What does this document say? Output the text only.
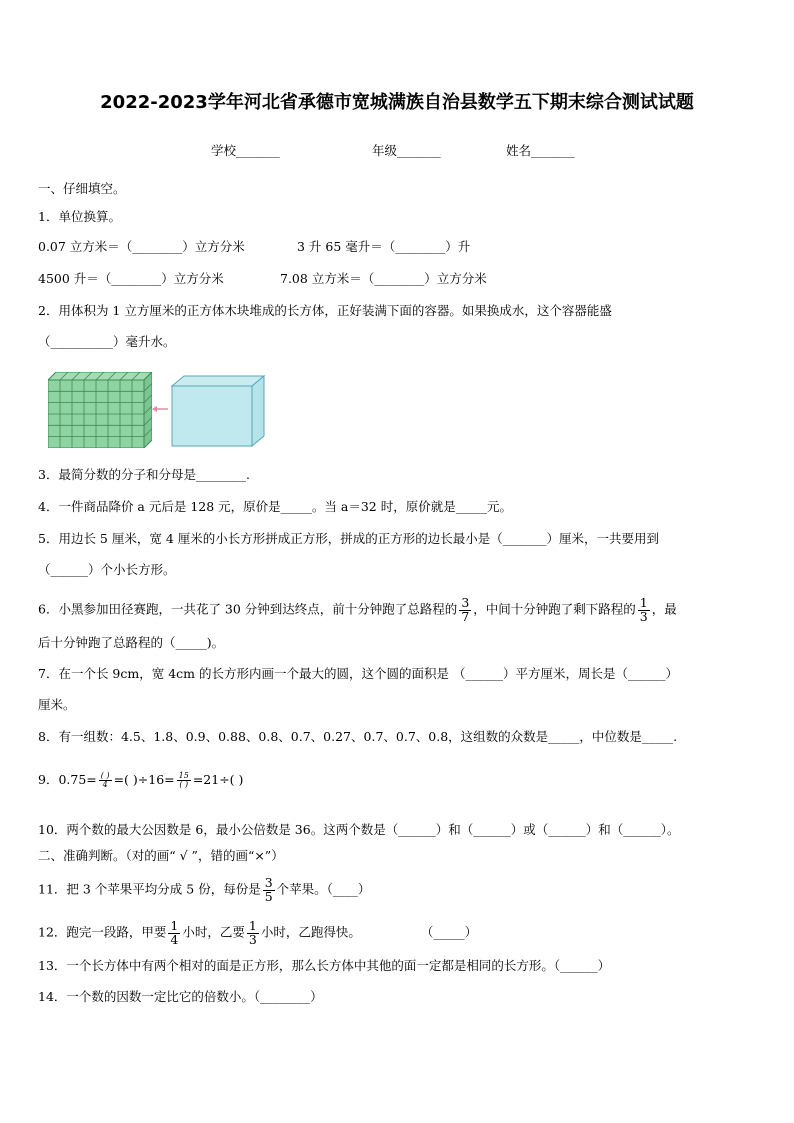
2022-2023学年河北省承德市宽城满族自治县数学五下期末综合测试试题
学校_______	年级_______	姓名_______
一、仔细填空。
1．单位换算。
0.07 立方米＝（________）立方分米	3 升 65 毫升＝（________）升
4500 升＝（________）立方分米	7.08 立方米＝（________）立方分米
2．用体积为 1 立方厘米的正方体木块堆成的长方体，正好装满下面的容器。如果换成水，这个容器能盛
（__________）毫升水。
3．最简分数的分子和分母是________.
4．一件商品降价 a 元后是 128 元，原价是_____。当 a＝32 时，原价就是_____元。
5．用边长 5 厘米，宽 4 厘米的小长方形拼成正方形，拼成的正方形的边长最小是（_______）厘米，一共要用到
（______）个小长方形。
6．小黑参加田径赛跑，一共花了 30 分钟到达终点，前十分钟跑了总路程的 $\frac{3}{7}$ ，中间十分钟跑了剩下路程的 $\frac{1}{3}$ ，最
后十分钟跑了总路程的（_____)。
7．在一个长 9cm，宽 4cm 的长方形内画一个最大的圆，这个圆的面积是 （______）平方厘米，周长是（______）
厘米。
8．有一组数：4.5、1.8、0.9、0.88、0.8、0.7、0.27、0.7、0.7、0.8，这组数的众数是_____，中位数是_____.
9．$0.75= \frac{( )}{4}$ =( )$\div 16= \frac{15}{( )} =21\div$( )
10．两个数的最大公因数是 6，最小公倍数是 36。这两个数是（______）和（______）或（______）和（______）。
二、准确判断。（对的画“ √ ”，错的画“×”）
11．把 3 个苹果平均分成 5 份，每份是 $\frac{3}{5}$ 个苹果。（____）
12．跑完一段路，甲要 $\frac{1}{4}$ 小时，乙要 $\frac{1}{3}$ 小时，乙跑得快。	（_____）
13．一个长方体中有两个相对的面是正方形，那么长方体中其他的面一定都是相同的长方形。（______）
14．一个数的因数一定比它的倍数小。（________）
